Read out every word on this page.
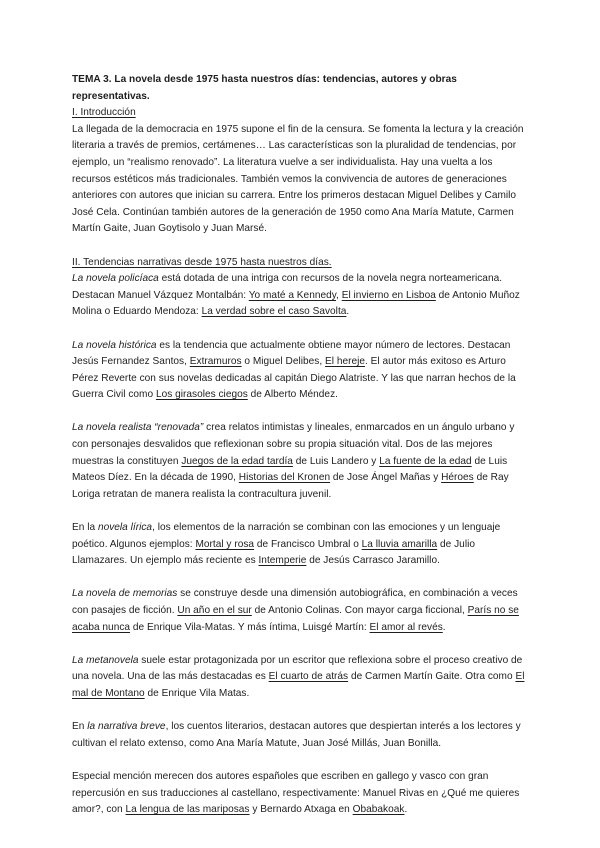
TEMA 3. La novela desde 1975 hasta nuestros días: tendencias, autores y obras representativas.

I. Introducción

La llegada de la democracia en 1975 supone el fin de la censura. Se fomenta la lectura y la creación literaria a través de premios, certámenes… Las características son la pluralidad de tendencias, por ejemplo, un “realismo renovado”. La literatura vuelve a ser individualista. Hay una vuelta a los recursos estéticos más tradicionales. También vemos la convivencia de autores de generaciones anteriores con autores que inician su carrera. Entre los primeros destacan Miguel Delibes y Camilo José Cela. Continúan también autores de la generación de 1950 como Ana María Matute, Carmen Martín Gaite, Juan Goytisolo y Juan Marsé.

II. Tendencias narrativas desde 1975 hasta nuestros días.

La novela policíaca está dotada de una intriga con recursos de la novela negra norteamericana. Destacan Manuel Vázquez Montalbán: Yo maté a Kennedy, El invierno en Lisboa de Antonio Muñoz Molina o Eduardo Mendoza: La verdad sobre el caso Savolta.

La novela histórica es la tendencia que actualmente obtiene mayor número de lectores. Destacan Jesús Fernandez Santos, Extramuros o Miguel Delibes, El hereje. El autor más exitoso es Arturo Pérez Reverte con sus novelas dedicadas al capitán Diego Alatriste. Y las que narran hechos de la Guerra Civil como Los girasoles ciegos de Alberto Méndez.

La novela realista “renovada” crea relatos intimistas y lineales, enmarcados en un ángulo urbano y con personajes desvalidos que reflexionan sobre su propia situación vital. Dos de las mejores muestras la constituyen Juegos de la edad tardía de Luis Landero y La fuente de la edad de Luis Mateos Díez. En la década de 1990, Historias del Kronen de Jose Ángel Mañas y Héroes de Ray Loriga retratan de manera realista la contracultura juvenil.

En la novela lírica, los elementos de la narración se combinan con las emociones y un lenguaje poético. Algunos ejemplos: Mortal y rosa de Francisco Umbral o La lluvia amarilla de Julio Llamazares. Un ejemplo más reciente es Intemperie de Jesús Carrasco Jaramillo.

La novela de memorias se construye desde una dimensión autobiográfica, en combinación a veces con pasajes de ficción. Un año en el sur de Antonio Colinas. Con mayor carga ficcional, París no se acaba nunca de Enrique Vila-Matas. Y más íntima, Luisgé Martín: El amor al revés.

La metanovela suele estar protagonizada por un escritor que reflexiona sobre el proceso creativo de una novela. Una de las más destacadas es El cuarto de atrás de Carmen Martín Gaite. Otra como El mal de Montano de Enrique Vila Matas.

En la narrativa breve, los cuentos literarios, destacan autores que despiertan interés a los lectores y cultivan el relato extenso, como Ana María Matute, Juan José Millás, Juan Bonilla.

Especial mención merecen dos autores españoles que escriben en gallego y vasco con gran repercusión en sus traducciones al castellano, respectivamente: Manuel Rivas en ¿Qué me quieres amor?, con La lengua de las mariposas y Bernardo Atxaga en Obabakoak.
